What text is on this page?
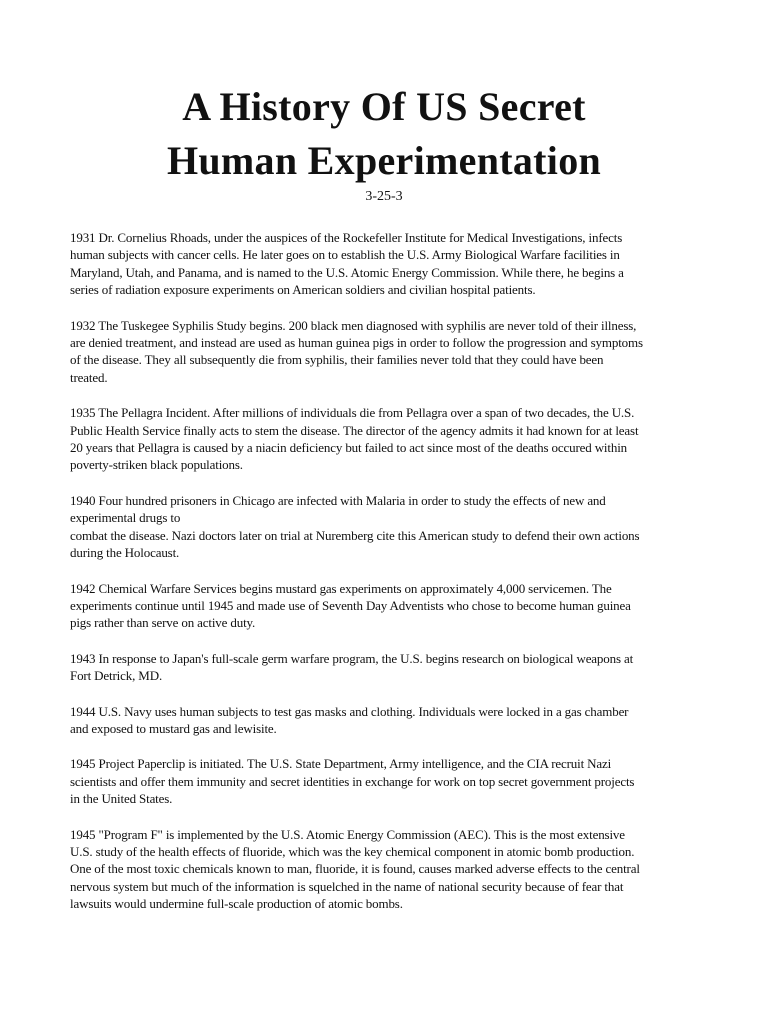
A History Of US Secret
Human Experimentation
3-25-3

1931 Dr. Cornelius Rhoads, under the auspices of the Rockefeller Institute for Medical Investigations, infects
human subjects with cancer cells. He later goes on to establish the U.S. Army Biological Warfare facilities in
Maryland, Utah, and Panama, and is named to the U.S. Atomic Energy Commission. While there, he begins a
series of radiation exposure experiments on American soldiers and civilian hospital patients.

1932 The Tuskegee Syphilis Study begins. 200 black men diagnosed with syphilis are never told of their illness,
are denied treatment, and instead are used as human guinea pigs in order to follow the progression and symptoms
of the disease. They all subsequently die from syphilis, their families never told that they could have been
treated.

1935 The Pellagra Incident. After millions of individuals die from Pellagra over a span of two decades, the U.S.
Public Health Service finally acts to stem the disease. The director of the agency admits it had known for at least
20 years that Pellagra is caused by a niacin deficiency but failed to act since most of the deaths occured within
poverty-striken black populations.

1940 Four hundred prisoners in Chicago are infected with Malaria in order to study the effects of new and
experimental drugs to
combat the disease. Nazi doctors later on trial at Nuremberg cite this American study to defend their own actions
during the Holocaust.

1942 Chemical Warfare Services begins mustard gas experiments on approximately 4,000 servicemen. The
experiments continue until 1945 and made use of Seventh Day Adventists who chose to become human guinea
pigs rather than serve on active duty.

1943 In response to Japan's full-scale germ warfare program, the U.S. begins research on biological weapons at
Fort Detrick, MD.

1944 U.S. Navy uses human subjects to test gas masks and clothing. Individuals were locked in a gas chamber
and exposed to mustard gas and lewisite.

1945 Project Paperclip is initiated. The U.S. State Department, Army intelligence, and the CIA recruit Nazi
scientists and offer them immunity and secret identities in exchange for work on top secret government projects
in the United States.

1945 "Program F" is implemented by the U.S. Atomic Energy Commission (AEC). This is the most extensive
U.S. study of the health effects of fluoride, which was the key chemical component in atomic bomb production.
One of the most toxic chemicals known to man, fluoride, it is found, causes marked adverse effects to the central
nervous system but much of the information is squelched in the name of national security because of fear that
lawsuits would undermine full-scale production of atomic bombs.
